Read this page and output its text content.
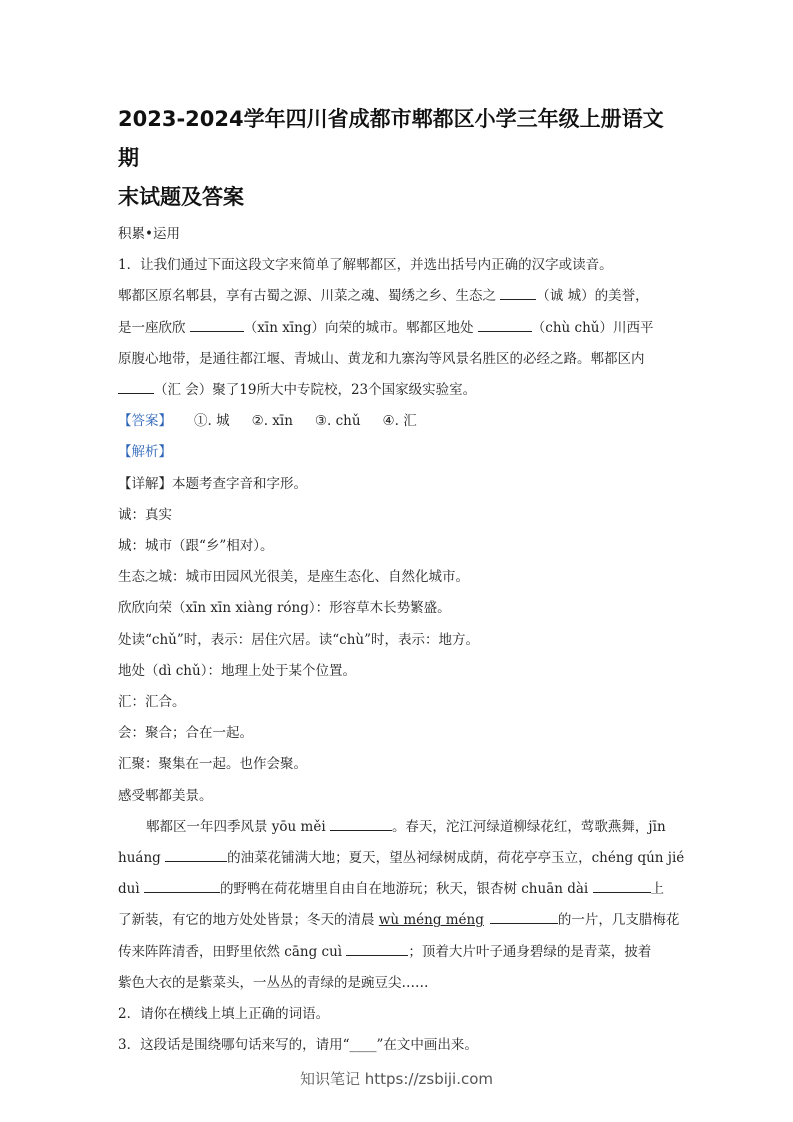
2023-2024学年四川省成都市郫都区小学三年级上册语文期
末试题及答案
积累•运用
1．让我们通过下面这段文字来简单了解郫都区，并选出括号内正确的汉字或读音。
郫都区原名郫县，享有古蜀之源、川菜之魂、蜀绣之乡、生态之	（诚 城）的美誉，
是一座欣欣	（xīn xīng）向荣的城市。郫都区地处	（chù chǔ）川西平
原腹心地带，是通往都江堰、青城山、黄龙和九寨沟等风景名胜区的必经之路。郫都区内
（汇 会）聚了19所大中专院校，23个国家级实验室。
【答案】 ①. 城 ②. xīn ③. chǔ ④. 汇
【解析】
【详解】本题考查字音和字形。
诚：真实
城：城市（跟“乡”相对）。
生态之城：城市田园风光很美，是座生态化、自然化城市。
欣欣向荣（xīn xīn xiàng róng）：形容草木长势繁盛。
处读“chǔ”时，表示：居住穴居。读“chù”时，表示：地方。
地处（dì chǔ）：地理上处于某个位置。
汇：汇合。
会：聚合；合在一起。
汇聚：聚集在一起。也作会聚。
感受郫都美景。
郫都区一年四季风景 yōu měi	。春天，沱江河绿道柳绿花红，莺歌燕舞，jīn
huáng	的油菜花铺满大地；夏天，望丛祠绿树成荫，荷花亭亭玉立，chéng qún jié
duì	的野鸭在荷花塘里自由自在地游玩；秋天，银杏树 chuān dài	上
了新装，有它的地方处处皆景；冬天的清晨 wù méng méng	的一片，几支腊梅花
传来阵阵清香，田野里依然 cāng cuì	；顶着大片叶子通身碧绿的是青菜，披着
紫色大衣的是紫菜头，一丛丛的青绿的是豌豆尖……
2．请你在横线上填上正确的词语。
3．这段话是围绕哪句话来写的，请用“____”在文中画出来。
知识笔记 https://zsbiji.com
